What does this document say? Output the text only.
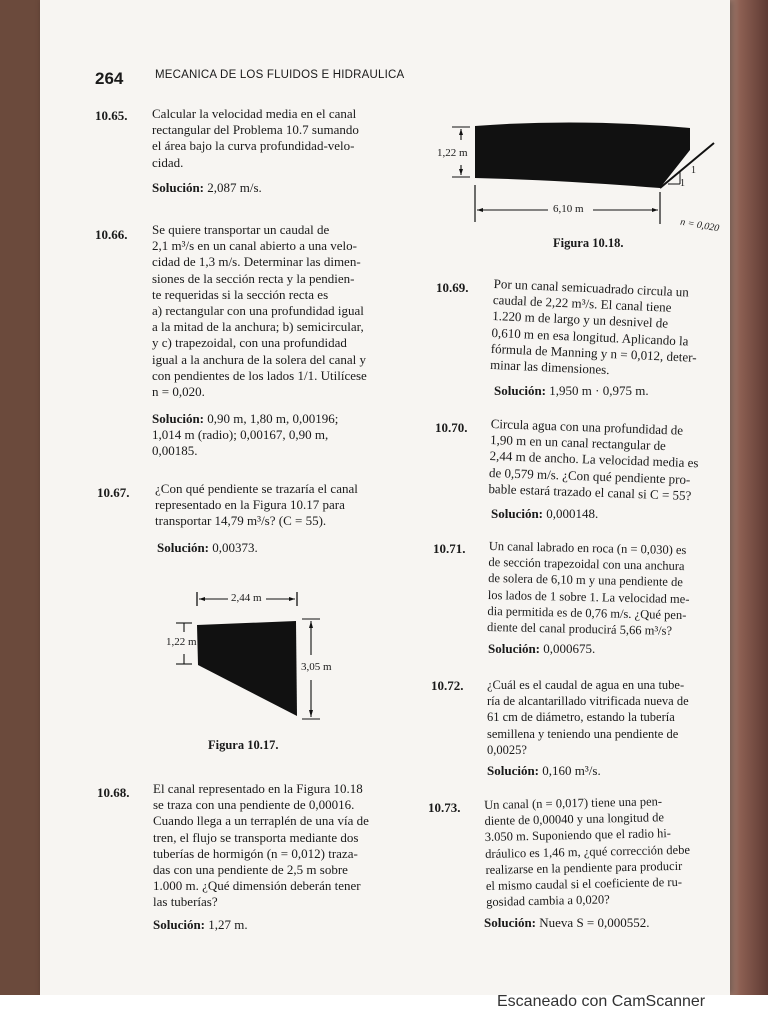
264	MECANICA DE LOS FLUIDOS E HIDRAULICA
10.65. Calcular la velocidad media en el canal
rectangular del Problema 10.7 sumando
el área bajo la curva profundidad-velo-
cidad.
Solución: 2,087 m/s.
10.66. Se quiere transportar un caudal de
2,1 m³/s en un canal abierto a una velo-
cidad de 1,3 m/s. Determinar las dimen-
siones de la sección recta y la pendien-
te requeridas si la sección recta es
a) rectangular con una profundidad igual
a la mitad de la anchura; b) semicircular,
y c) trapezoidal, con una profundidad
igual a la anchura de la solera del canal y
con pendientes de los lados 1/1. Utilícese
n = 0,020.
Solución: 0,90 m, 1,80 m, 0,00196;
1,014 m (radio); 0,00167, 0,90 m,
0,00185.
10.67. ¿Con qué pendiente se trazaría el canal
representado en la Figura 10.17 para
transportar 14,79 m³/s? (C = 55).
Solución: 0,00373.
2,44 m
1,22 m
3,05 m
Figura 10.17.
10.68. El canal representado en la Figura 10.18
se traza con una pendiente de 0,00016.
Cuando llega a un terraplén de una vía de
tren, el flujo se transporta mediante dos
tuberías de hormigón (n = 0,012) traza-
das con una pendiente de 2,5 m sobre
1.000 m. ¿Qué dimensión deberán tener
las tuberías?
Solución: 1,27 m.
1,22 m
6,10 m
1
1
n = 0,020
Figura 10.18.
10.69. Por un canal semicuadrado circula un
caudal de 2,22 m³/s. El canal tiene
1.220 m de largo y un desnivel de
0,610 m en esa longitud. Aplicando la
fórmula de Manning y n = 0,012, deter-
minar las dimensiones.
Solución: 1,950 m · 0,975 m.
10.70. Circula agua con una profundidad de
1,90 m en un canal rectangular de
2,44 m de ancho. La velocidad media es
de 0,579 m/s. ¿Con qué pendiente pro-
bable estará trazado el canal si C = 55?
Solución: 0,000148.
10.71. Un canal labrado en roca (n = 0,030) es
de sección trapezoidal con una anchura
de solera de 6,10 m y una pendiente de
los lados de 1 sobre 1. La velocidad me-
dia permitida es de 0,76 m/s. ¿Qué pen-
diente del canal producirá 5,66 m³/s?
Solución: 0,000675.
10.72. ¿Cuál es el caudal de agua en una tube-
ría de alcantarillado vitrificada nueva de
61 cm de diámetro, estando la tubería
semillena y teniendo una pendiente de
0,0025?
Solución: 0,160 m³/s.
10.73. Un canal (n = 0,017) tiene una pen-
diente de 0,00040 y una longitud de
3.050 m. Suponiendo que el radio hi-
dráulico es 1,46 m, ¿qué corrección debe
realizarse en la pendiente para producir
el mismo caudal si el coeficiente de ru-
gosidad cambia a 0,020?
Solución: Nueva S = 0,000552.
Escaneado con CamScanner
